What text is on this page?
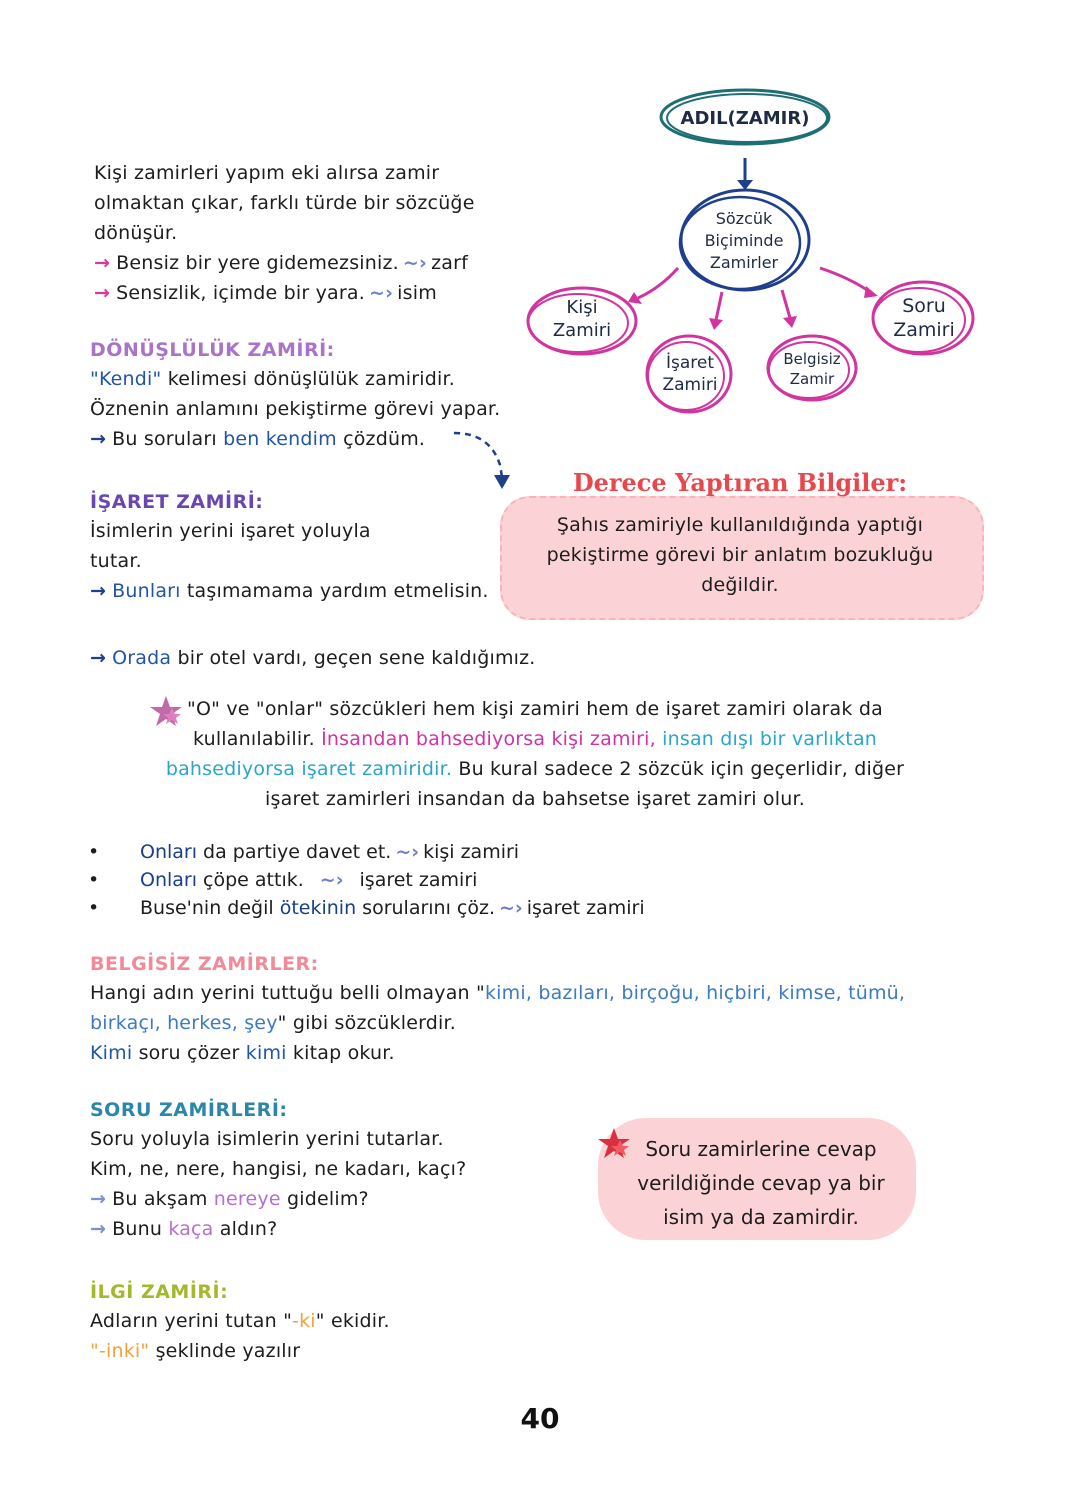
ADIL(ZAMIR)
Sözcük
Biçiminde
Zamirler
Kişi
Zamiri
İşaret
Zamiri
Belgisiz
Zamir
Soru
Zamiri
Kişi zamirleri yapım eki alırsa zamir
olmaktan çıkar, farklı türde bir sözcüğe
dönüşür.
→ Bensiz bir yere gidemezsiniz. ~› zarf
→ Sensizlik, içimde bir yara. ~› isim
DÖNÜŞLÜLÜK ZAMİRİ:
"Kendi" kelimesi dönüşlülük zamiridir.
Öznenin anlamını pekiştirme görevi yapar.
→ Bu soruları ben kendim çözdüm.
Derece Yaptıran Bilgiler:
Şahıs zamiriyle kullanıldığında yaptığı
pekiştirme görevi bir anlatım bozukluğu
değildir.
İŞARET ZAMİRİ:
İsimlerin yerini işaret yoluyla
tutar.
→ Bunları taşımamama yardım etmelisin.
→ Orada bir otel vardı, geçen sene kaldığımız.
"O" ve "onlar" sözcükleri hem kişi zamiri hem de işaret zamiri olarak da
kullanılabilir. İnsandan bahsediyorsa kişi zamiri, insan dışı bir varlıktan
bahsediyorsa işaret zamiridir. Bu kural sadece 2 sözcük için geçerlidir, diğer
işaret zamirleri insandan da bahsetse işaret zamiri olur.
• Onları da partiye davet et. ~› kişi zamiri
• Onları çöpe attık. ~› işaret zamiri
• Buse'nin değil ötekinin sorularını çöz. ~› işaret zamiri
BELGİSİZ ZAMİRLER:
Hangi adın yerini tuttuğu belli olmayan "kimi, bazıları, birçoğu, hiçbiri, kimse, tümü,
birkaçı, herkes, şey" gibi sözcüklerdir.
Kimi soru çözer kimi kitap okur.
SORU ZAMİRLERİ:
Soru yoluyla isimlerin yerini tutarlar.
Kim, ne, nere, hangisi, ne kadarı, kaçı?
→ Bu akşam nereye gidelim?
→ Bunu kaça aldın?
Soru zamirlerine cevap
verildiğinde cevap ya bir
isim ya da zamirdir.
İLGİ ZAMİRİ:
Adların yerini tutan "-ki" ekidir.
"-inki" şeklinde yazılır
40
